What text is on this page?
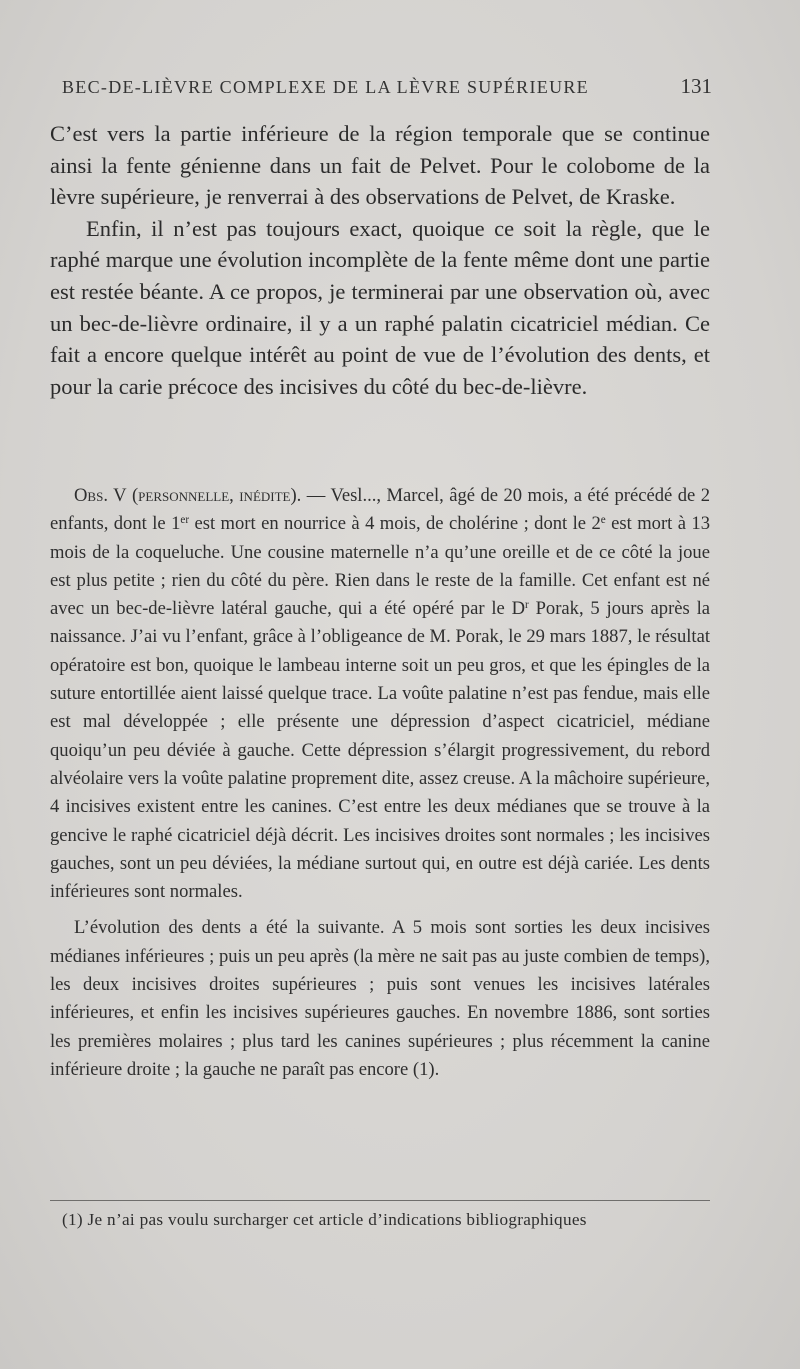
BEC-DE-LIÈVRE COMPLEXE DE LA LÈVRE SUPÉRIEURE	131

C’est vers la partie inférieure de la région temporale que se continue ainsi la fente génienne dans un fait de Pelvet. Pour le colobome de la lèvre supérieure, je renverrai à des observations de Pelvet, de Kraske.

Enfin, il n’est pas toujours exact, quoique ce soit la règle, que le raphé marque une évolution incomplète de la fente même dont une partie est restée béante. A ce propos, je terminerai par une observation où, avec un bec-de-lièvre ordinaire, il y a un raphé palatin cicatriciel médian. Ce fait a encore quelque intérêt au point de vue de l’évolution des dents, et pour la carie précoce des incisives du côté du bec-de-lièvre.

Obs. V (personnelle, inédite). — Vesl..., Marcel, âgé de 20 mois, a été précédé de 2 enfants, dont le 1er est mort en nourrice à 4 mois, de cholérine ; dont le 2e est mort à 13 mois de la coqueluche. Une cousine maternelle n’a qu’une oreille et de ce côté la joue est plus petite ; rien du côté du père. Rien dans le reste de la famille. Cet enfant est né avec un bec-de-lièvre latéral gauche, qui a été opéré par le $D^r$ Porak, 5 jours après la naissance. J’ai vu l’enfant, grâce à l’obligeance de M. Porak, le 29 mars 1887, le résultat opératoire est bon, quoique le lambeau interne soit un peu gros, et que les épingles de la suture entortillée aient laissé quelque trace. La voûte palatine n’est pas fendue, mais elle est mal développée ; elle présente une dépression d’aspect cicatriciel, médiane quoiqu’un peu déviée à gauche. Cette dépression s’élargit progressivement, du rebord alvéolaire vers la voûte palatine proprement dite, assez creuse. A la mâchoire supérieure, 4 incisives existent entre les canines. C’est entre les deux médianes que se trouve à la gencive le raphé cicatriciel déjà décrit. Les incisives droites sont normales ; les incisives gauches, sont un peu déviées, la médiane surtout qui, en outre est déjà cariée. Les dents inférieures sont normales.

L’évolution des dents a été la suivante. A 5 mois sont sorties les deux incisives médianes inférieures ; puis un peu après (la mère ne sait pas au juste combien de temps), les deux incisives droites supérieures ; puis sont venues les incisives latérales inférieures, et enfin les incisives supérieures gauches. En novembre 1886, sont sorties les premières molaires ; plus tard les canines supérieures ; plus récemment la canine inférieure droite ; la gauche ne paraît pas encore (1).

(1) Je n’ai pas voulu surcharger cet article d’indications bibliographiques
